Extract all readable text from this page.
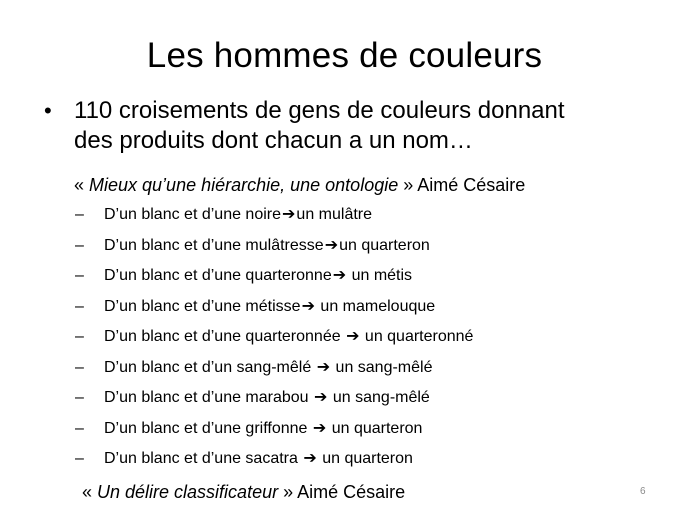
Les hommes de couleurs
• 110 croisements de gens de couleurs donnant
des produits dont chacun a un nom…
« Mieux qu’une hiérarchie, une ontologie » Aimé Césaire
– D’un blanc et d’une noire➔un mulâtre
– D’un blanc et d’une mulâtresse➔un quarteron
– D’un blanc et d’une quarteronne➔ un métis
– D’un blanc et d’une métisse➔ un mamelouque
– D’un blanc et d’une quarteronnée ➔ un quarteronné
– D’un blanc et d’un sang-mêlé ➔ un sang-mêlé
– D’un blanc et d’une marabou ➔ un sang-mêlé
– D’un blanc et d’une griffonne ➔ un quarteron
– D’un blanc et d’une sacatra ➔ un quarteron
« Un délire classificateur » Aimé Césaire	6
